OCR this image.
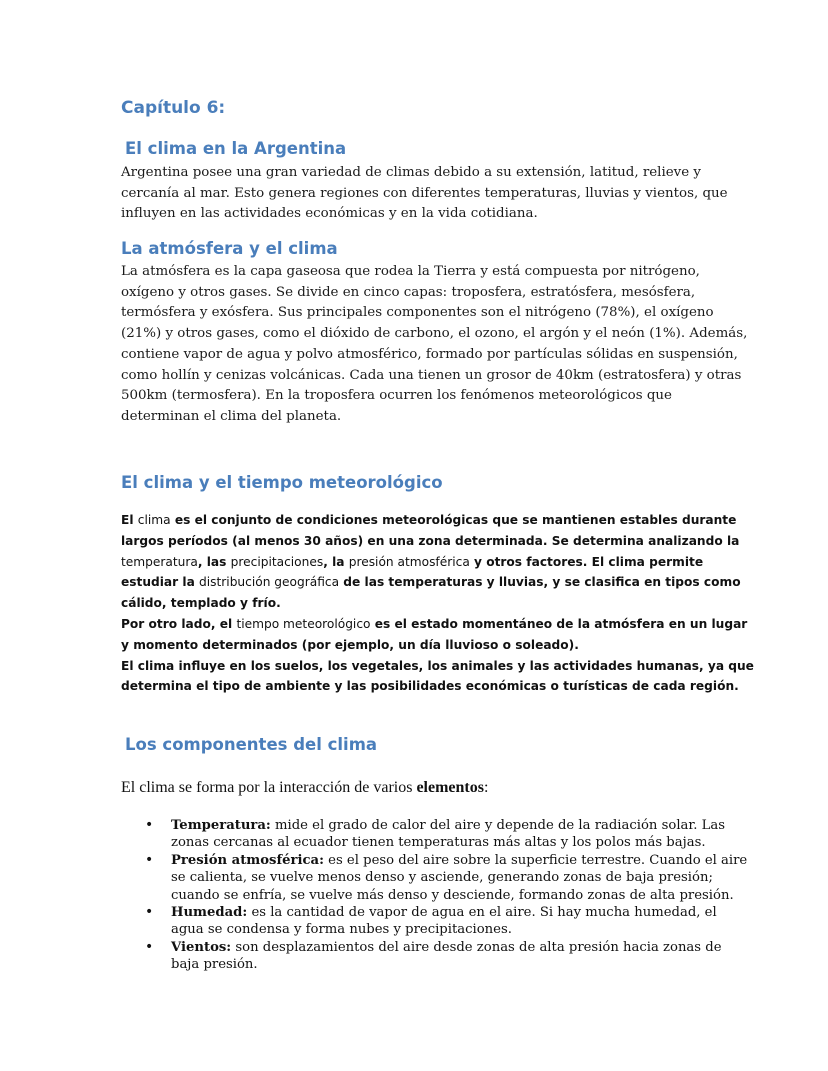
Capítulo 6:
El clima en la Argentina

Argentina posee una gran variedad de climas debido a su extensión, latitud, relieve y
cercanía al mar. Esto genera regiones con diferentes temperaturas, lluvias y vientos, que
influyen en las actividades económicas y en la vida cotidiana.

La atmósfera y el clima

La atmósfera es la capa gaseosa que rodea la Tierra y está compuesta por nitrógeno,
oxígeno y otros gases. Se divide en cinco capas: troposfera, estratósfera, mesósfera,
termósfera y exósfera. Sus principales componentes son el nitrógeno (78%), el oxígeno
(21%) y otros gases, como el dióxido de carbono, el ozono, el argón y el neón (1%). Además,
contiene vapor de agua y polvo atmosférico, formado por partículas sólidas en suspensión,
como hollín y cenizas volcánicas. Cada una tienen un grosor de 40km (estratosfera) y otras
500km (termosfera). En la troposfera ocurren los fenómenos meteorológicos que
determinan el clima del planeta.

El clima y el tiempo meteorológico
El clima es el conjunto de condiciones meteorológicas que se mantienen estables durante
largos períodos (al menos 30 años) en una zona determinada. Se determina analizando la
temperatura, las precipitaciones, la presión atmosférica y otros factores. El clima permite
estudiar la distribución geográfica de las temperaturas y lluvias, y se clasifica en tipos como
cálido, templado y frío.
Por otro lado, el tiempo meteorológico es el estado momentáneo de la atmósfera en un lugar
y momento determinados (por ejemplo, un día lluvioso o soleado).
El clima influye en los suelos, los vegetales, los animales y las actividades humanas, ya que
determina el tipo de ambiente y las posibilidades económicas o turísticas de cada región.
Los componentes del clima

El clima se forma por la interacción de varios elementos:

• Temperatura: mide el grado de calor del aire y depende de la radiación solar. Las
zonas cercanas al ecuador tienen temperaturas más altas y los polos más bajas.
• Presión atmosférica: es el peso del aire sobre la superficie terrestre. Cuando el aire
se calienta, se vuelve menos denso y asciende, generando zonas de baja presión;
cuando se enfría, se vuelve más denso y desciende, formando zonas de alta presión.
• Humedad: es la cantidad de vapor de agua en el aire. Si hay mucha humedad, el
agua se condensa y forma nubes y precipitaciones.
• Vientos: son desplazamientos del aire desde zonas de alta presión hacia zonas de
baja presión.
